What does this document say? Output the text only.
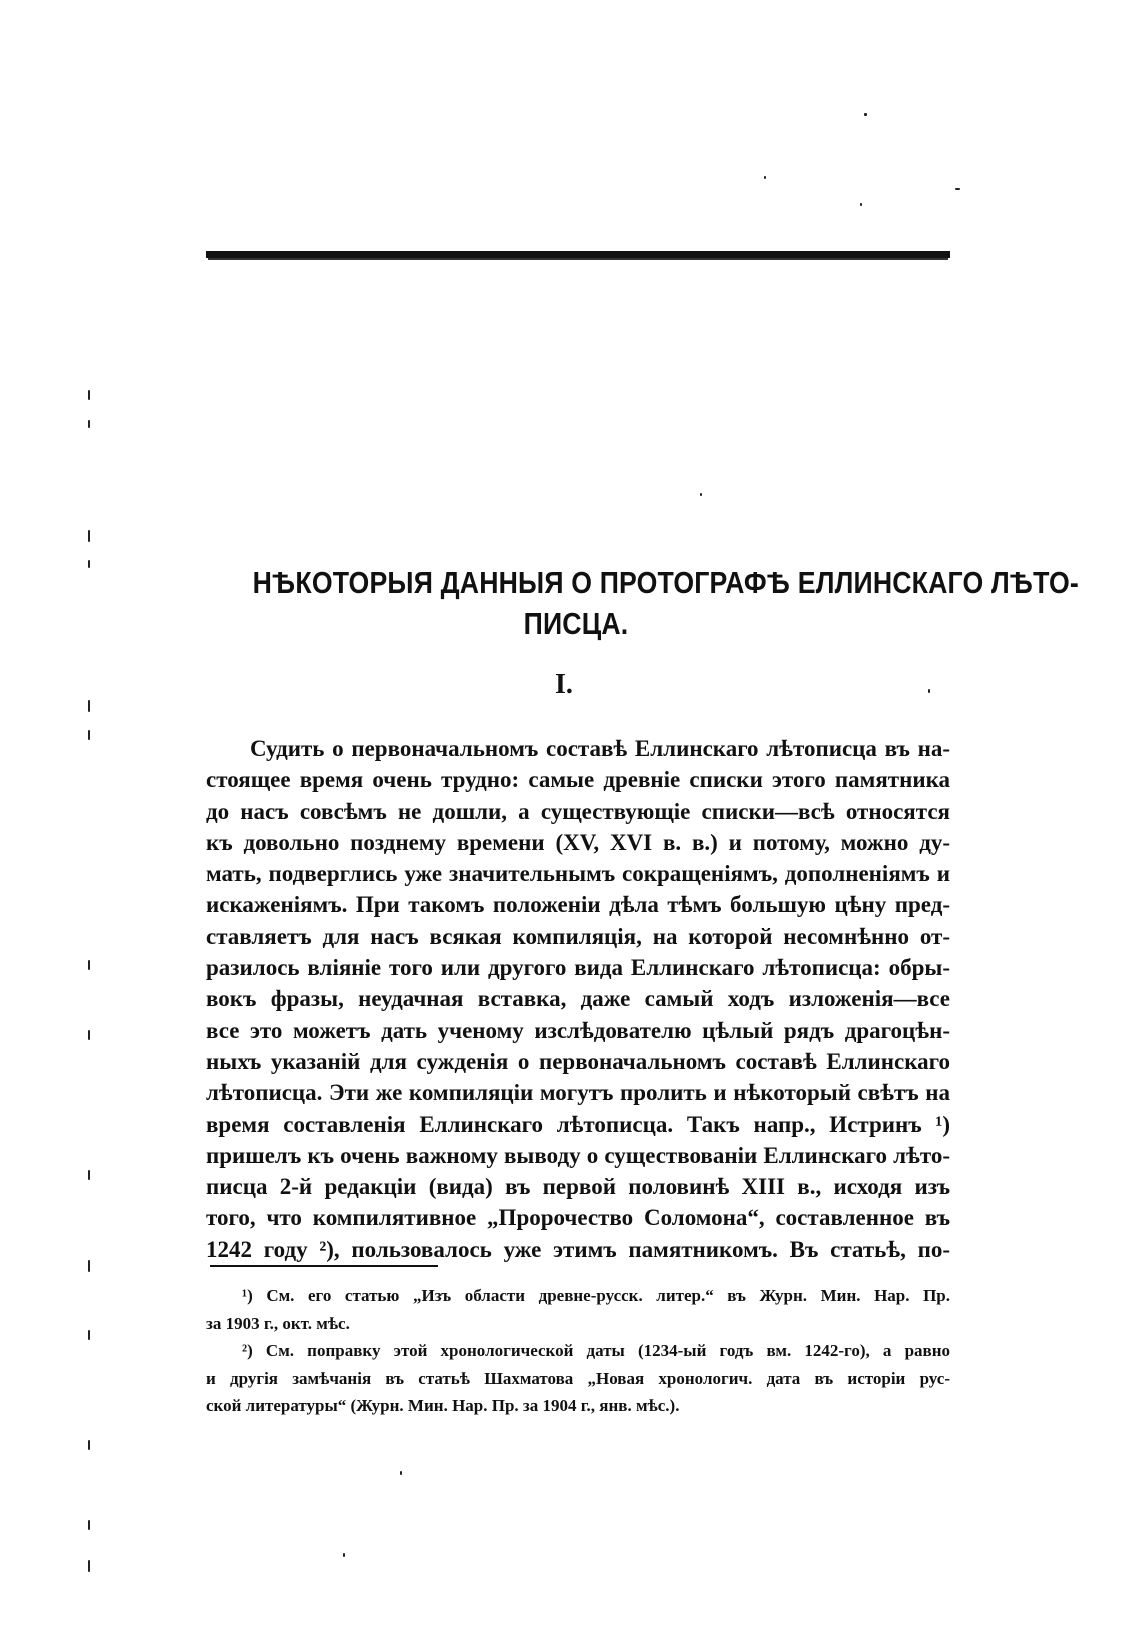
НѢКОТОРЫЯ ДАННЫЯ О ПРОТОГРАФѢ ЕЛЛИНСКАГО ЛѢТО-
ПИСЦА.
I.
Судить о первоначальномъ составѣ Еллинскаго лѣтописца въ на-
стоящее время очень трудно: самые древніе списки этого памятника
до насъ совсѣмъ не дошли, а существующіе списки—всѣ относятся
къ довольно позднему времени (XV, XVI в. в.) и потому, можно ду-
мать, подверглись уже значительнымъ сокращеніямъ, дополненіямъ и
искаженіямъ. При такомъ положеніи дѣла тѣмъ большую цѣну пред-
ставляетъ для насъ всякая компиляція, на которой несомнѣнно от-
разилось вліяніе того или другого вида Еллинскаго лѣтописца: обры-
вокъ фразы, неудачная вставка, даже самый ходъ изложенія—все
все это можетъ дать ученому изслѣдователю цѣлый рядъ драгоцѣн-
ныхъ указаній для сужденія о первоначальномъ составѣ Еллинскаго
лѣтописца. Эти же компиляціи могутъ пролить и нѣкоторый свѣтъ на
время составленія Еллинскаго лѣтописца. Такъ напр., Истринъ ¹)
пришелъ къ очень важному выводу о существованіи Еллинскаго лѣто-
писца 2-й редакціи (вида) въ первой половинѣ XIII в., исходя изъ
того, что компилятивное „Пророчество Соломона“, составленное въ
1242 году ²), пользовалось уже этимъ памятникомъ. Въ статьѣ, по-
¹) См. его статью „Изъ области древне-русск. литер.“ въ Журн. Мин. Нар. Пр.
за 1903 г., окт. мѣс.
²) См. поправку этой хронологической даты (1234-ый годъ вм. 1242-го), а равно
и другія замѣчанія въ статьѣ Шахматова „Новая хронологич. дата въ исторіи рус-
ской литературы“ (Журн. Мин. Нар. Пр. за 1904 г., янв. мѣс.).
